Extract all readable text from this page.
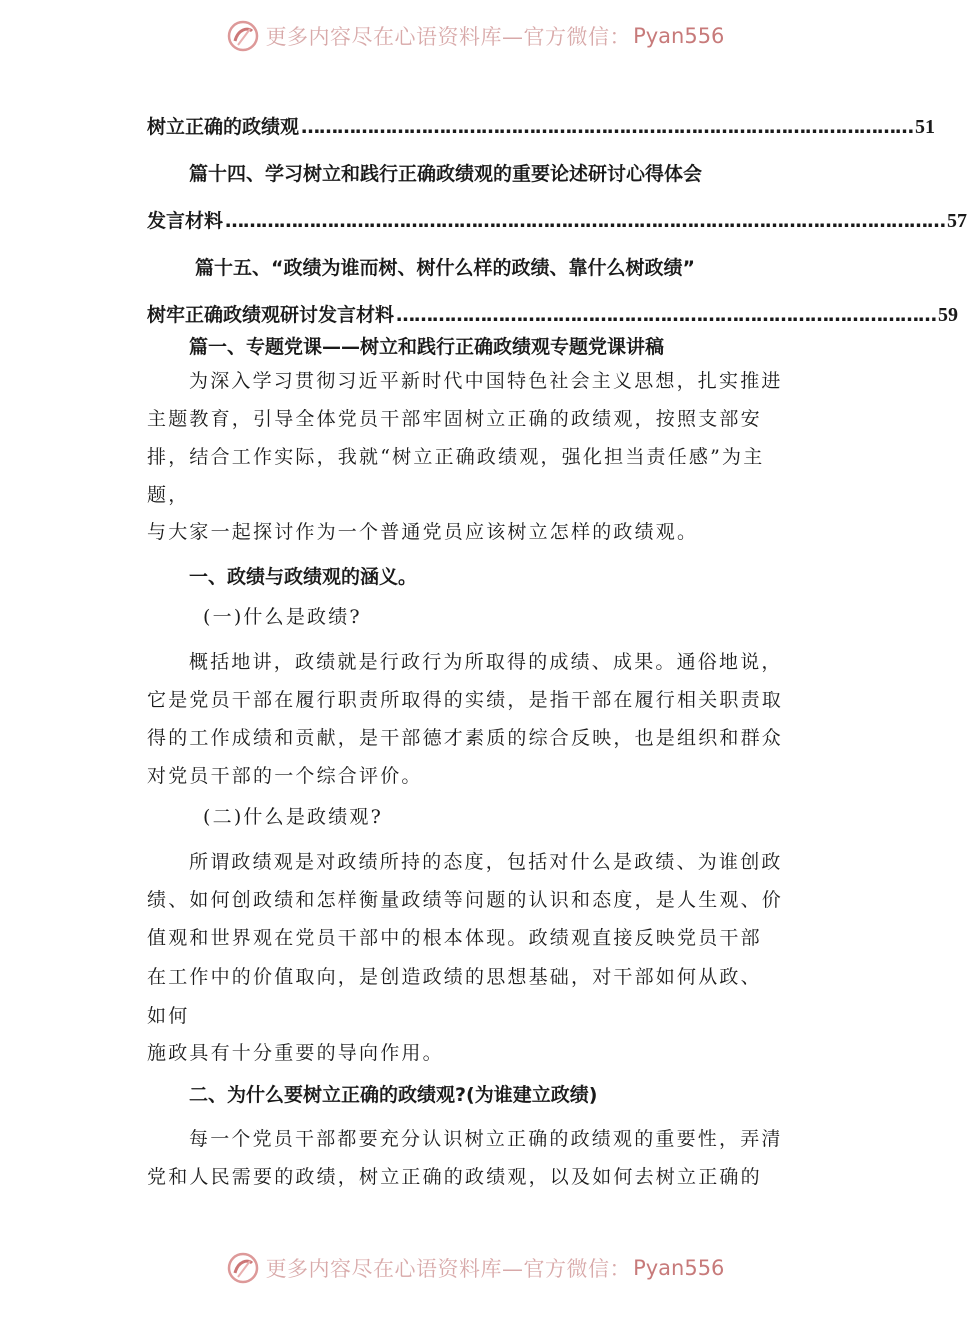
更多内容尽在心语资料库—官方微信： Pyan556
树立正确的政绩观 ………………………………………………………………………………………… 51
篇十四、学习树立和践行正确政绩观的重要论述研讨心得体会
发言材料 ………………………………………………………………………………………………………… 57
篇十五、“政绩为谁而树、树什么样的政绩、靠什么树政绩”
树牢正确政绩观研讨发言材料 ……………………………………………………………………………… 59
篇一、专题党课——树立和践行正确政绩观专题党课讲稿
为深入学习贯彻习近平新时代中国特色社会主义思想，扎实推进
主题教育，引导全体党员干部牢固树立正确的政绩观，按照支部安
排，结合工作实际，我就“树立正确政绩观，强化担当责任感”为主
题，
与大家一起探讨作为一个普通党员应该树立怎样的政绩观。
一、政绩与政绩观的涵义。
(一)什么是政绩?
概括地讲，政绩就是行政行为所取得的成绩、成果。通俗地说，
它是党员干部在履行职责所取得的实绩，是指干部在履行相关职责取
得的工作成绩和贡献，是干部德才素质的综合反映，也是组织和群众
对党员干部的一个综合评价。
(二)什么是政绩观?
所谓政绩观是对政绩所持的态度，包括对什么是政绩、为谁创政
绩、如何创政绩和怎样衡量政绩等问题的认识和态度，是人生观、价
值观和世界观在党员干部中的根本体现。政绩观直接反映党员干部
在工作中的价值取向，是创造政绩的思想基础，对干部如何从政、
如何
施政具有十分重要的导向作用。
二、为什么要树立正确的政绩观?(为谁建立政绩)
每一个党员干部都要充分认识树立正确的政绩观的重要性，弄清
党和人民需要的政绩，树立正确的政绩观，以及如何去树立正确的
更多内容尽在心语资料库—官方微信： Pyan556
